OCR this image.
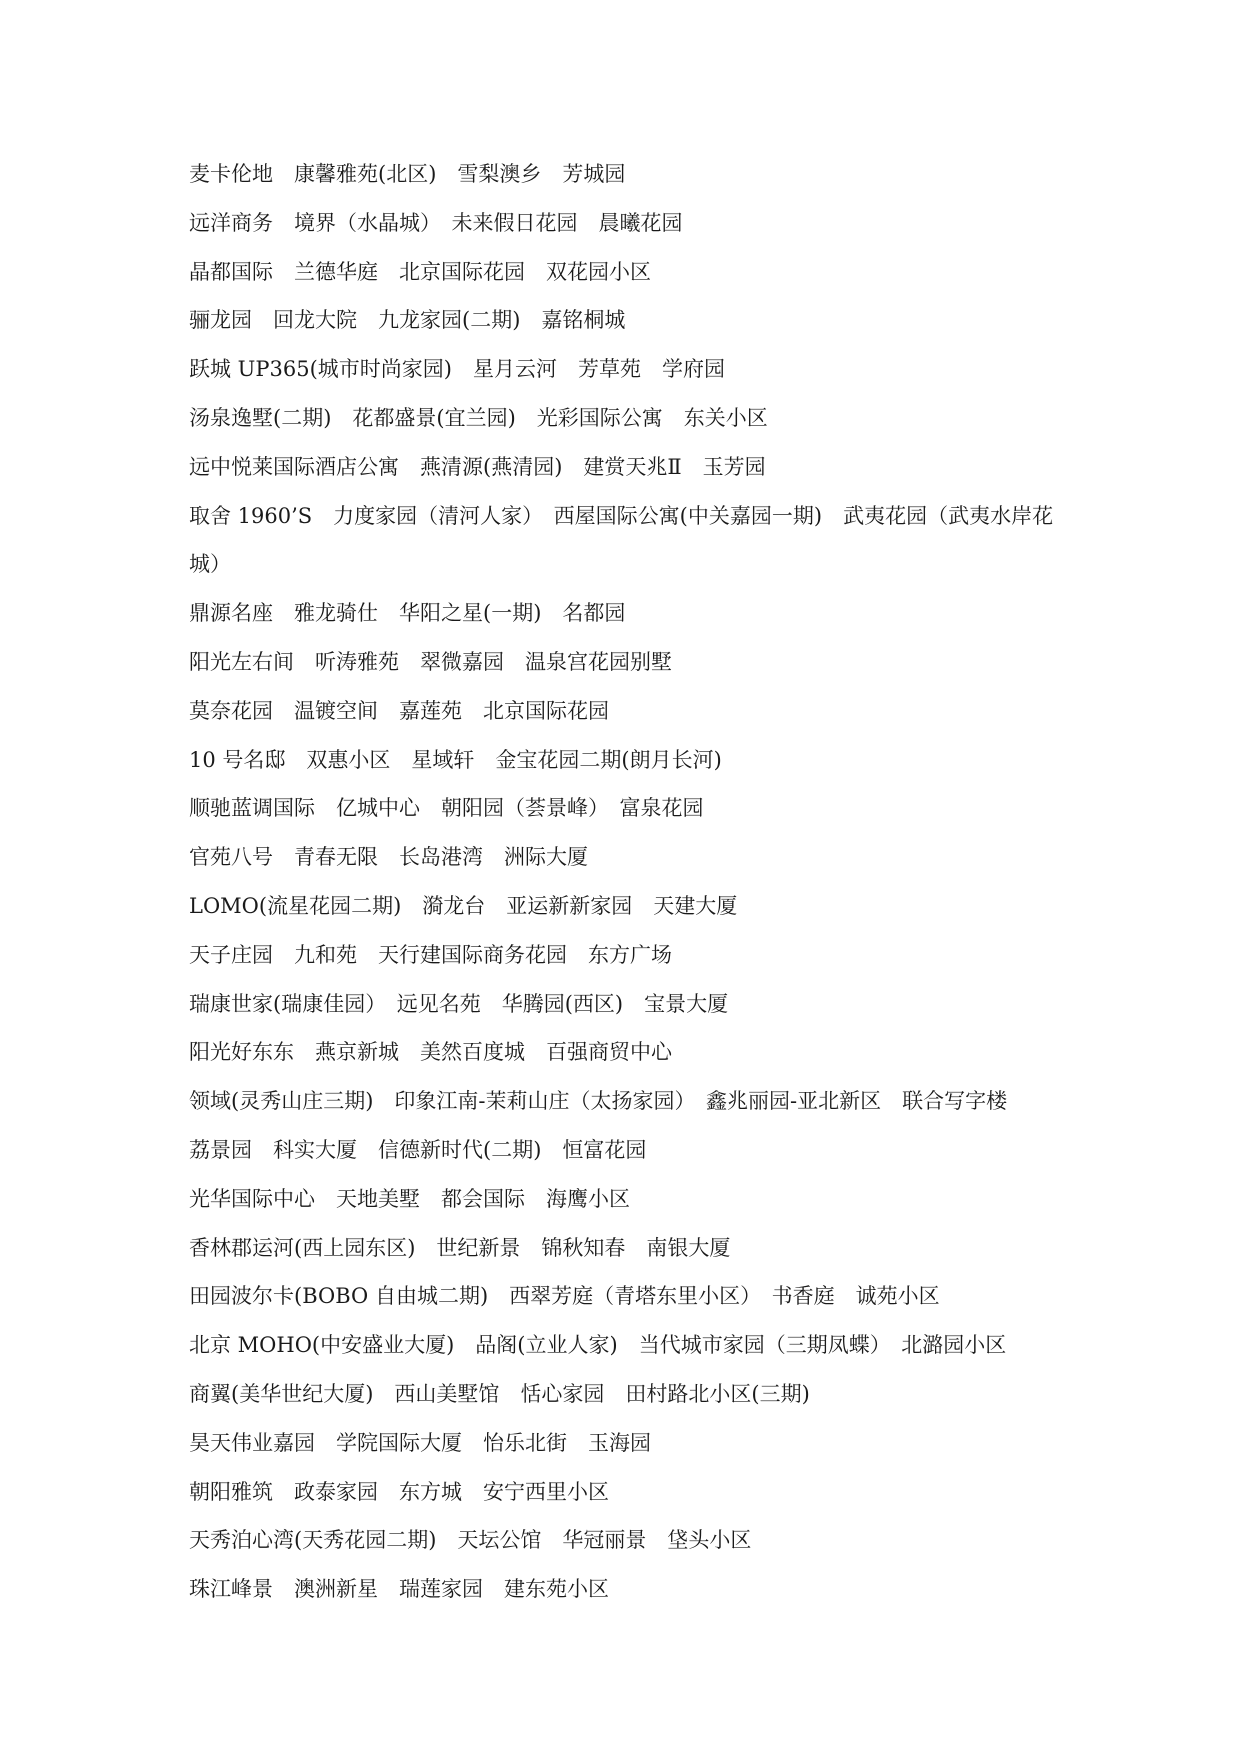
麦卡伦地　康馨雅苑(北区)　雪梨澳乡　芳城园

远洋商务　境界（水晶城）　未来假日花园　晨曦花园

晶都国际　兰德华庭　北京国际花园　双花园小区

骊龙园　回龙大院　九龙家园(二期)　嘉铭桐城

跃城 UP365(城市时尚家园)　星月云河　芳草苑　学府园

汤泉逸墅(二期)　花都盛景(宜兰园)　光彩国际公寓　东关小区

远中悦莱国际酒店公寓　燕清源(燕清园)　建赏天兆Ⅱ　玉芳园

取舍 1960’S　力度家园（清河人家）　西屋国际公寓(中关嘉园一期)　武夷花园（武夷水岸花城）

鼎源名座　雅龙骑仕　华阳之星(一期)　名都园

阳光左右间　听涛雅苑　翠微嘉园　温泉宫花园别墅

莫奈花园　温镀空间　嘉莲苑　北京国际花园

10 号名邸　双惠小区　星域轩　金宝花园二期(朗月长河)

顺驰蓝调国际　亿城中心　朝阳园（荟景峰）　富泉花园

官苑八号　青春无限　长岛港湾　洲际大厦

LOMO(流星花园二期)　漪龙台　亚运新新家园　天建大厦

天子庄园　九和苑　天行建国际商务花园　东方广场

瑞康世家(瑞康佳园）　远见名苑　华腾园(西区)　宝景大厦

阳光好东东　燕京新城　美然百度城　百强商贸中心

领域(灵秀山庄三期)　印象江南-茉莉山庄（太扬家园）　鑫兆丽园-亚北新区　联合写字楼

荔景园　科实大厦　信德新时代(二期)　恒富花园

光华国际中心　天地美墅　都会国际　海鹰小区

香林郡运河(西上园东区)　世纪新景　锦秋知春　南银大厦

田园波尔卡(BOBO 自由城二期)　西翠芳庭（青塔东里小区）　书香庭　诚苑小区

北京 MOHO(中安盛业大厦)　品阁(立业人家)　当代城市家园（三期凤蝶）　北潞园小区

商翼(美华世纪大厦)　西山美墅馆　恬心家园　田村路北小区(三期)

昊天伟业嘉园　学院国际大厦　怡乐北街　玉海园

朝阳雅筑　政泰家园　东方城　安宁西里小区

天秀泊心湾(天秀花园二期)　天坛公馆　华冠丽景　垡头小区

珠江峰景　澳洲新星　瑞莲家园　建东苑小区
